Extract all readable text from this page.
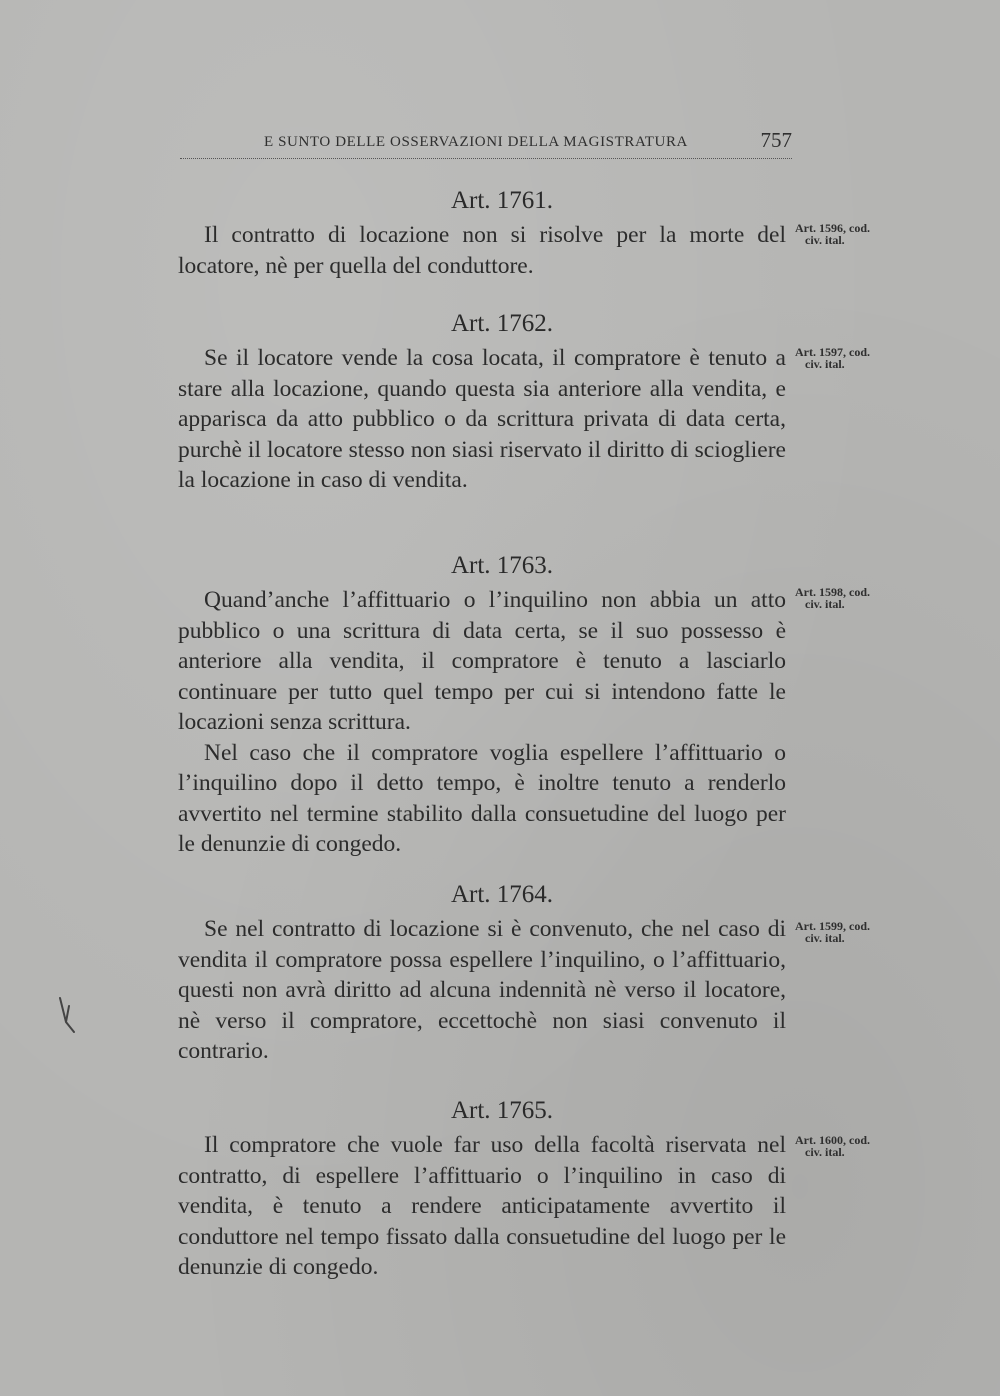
E SUNTO DELLE OSSERVAZIONI DELLA MAGISTRATURA	757
Art. 1761.

Il contratto di locazione non si risolve per la morte del locatore, nè per quella del conduttore.

Art. 1596, cod.
civ. ital.
Art. 1762.

Se il locatore vende la cosa locata, il compratore è tenuto a stare alla locazione, quando questa sia anteriore alla vendita, e apparisca da atto pubblico o da scrittura privata di data certa, purchè il locatore stesso non siasi riservato il diritto di sciogliere la locazione in caso di vendita.

Art. 1597, cod.
civ. ital.
Art. 1763.

Quand’anche l’affittuario o l’inquilino non abbia un atto pubblico o una scrittura di data certa, se il suo possesso è anteriore alla vendita, il compratore è tenuto a lasciarlo continuare per tutto quel tempo per cui si intendono fatte le locazioni senza scrittura.

Nel caso che il compratore voglia espellere l’affittuario o l’inquilino dopo il detto tempo, è inoltre tenuto a renderlo avvertito nel termine stabilito dalla consuetudine del luogo per le denunzie di congedo.

Art. 1598, cod.
civ. ital.
Art. 1764.

Se nel contratto di locazione si è convenuto, che nel caso di vendita il compratore possa espellere l’inquilino, o l’affittuario, questi non avrà diritto ad alcuna indennità nè verso il locatore, nè verso il compratore, eccettochè non siasi convenuto il contrario.

Art. 1599, cod.
civ. ital.
Art. 1765.

Il compratore che vuole far uso della facoltà riservata nel contratto, di espellere l’affittuario o l’inquilino in caso di vendita, è tenuto a rendere anticipatamente avvertito il conduttore nel tempo fissato dalla consuetudine del luogo per le denunzie di congedo.

Art. 1600, cod.
civ. ital.
